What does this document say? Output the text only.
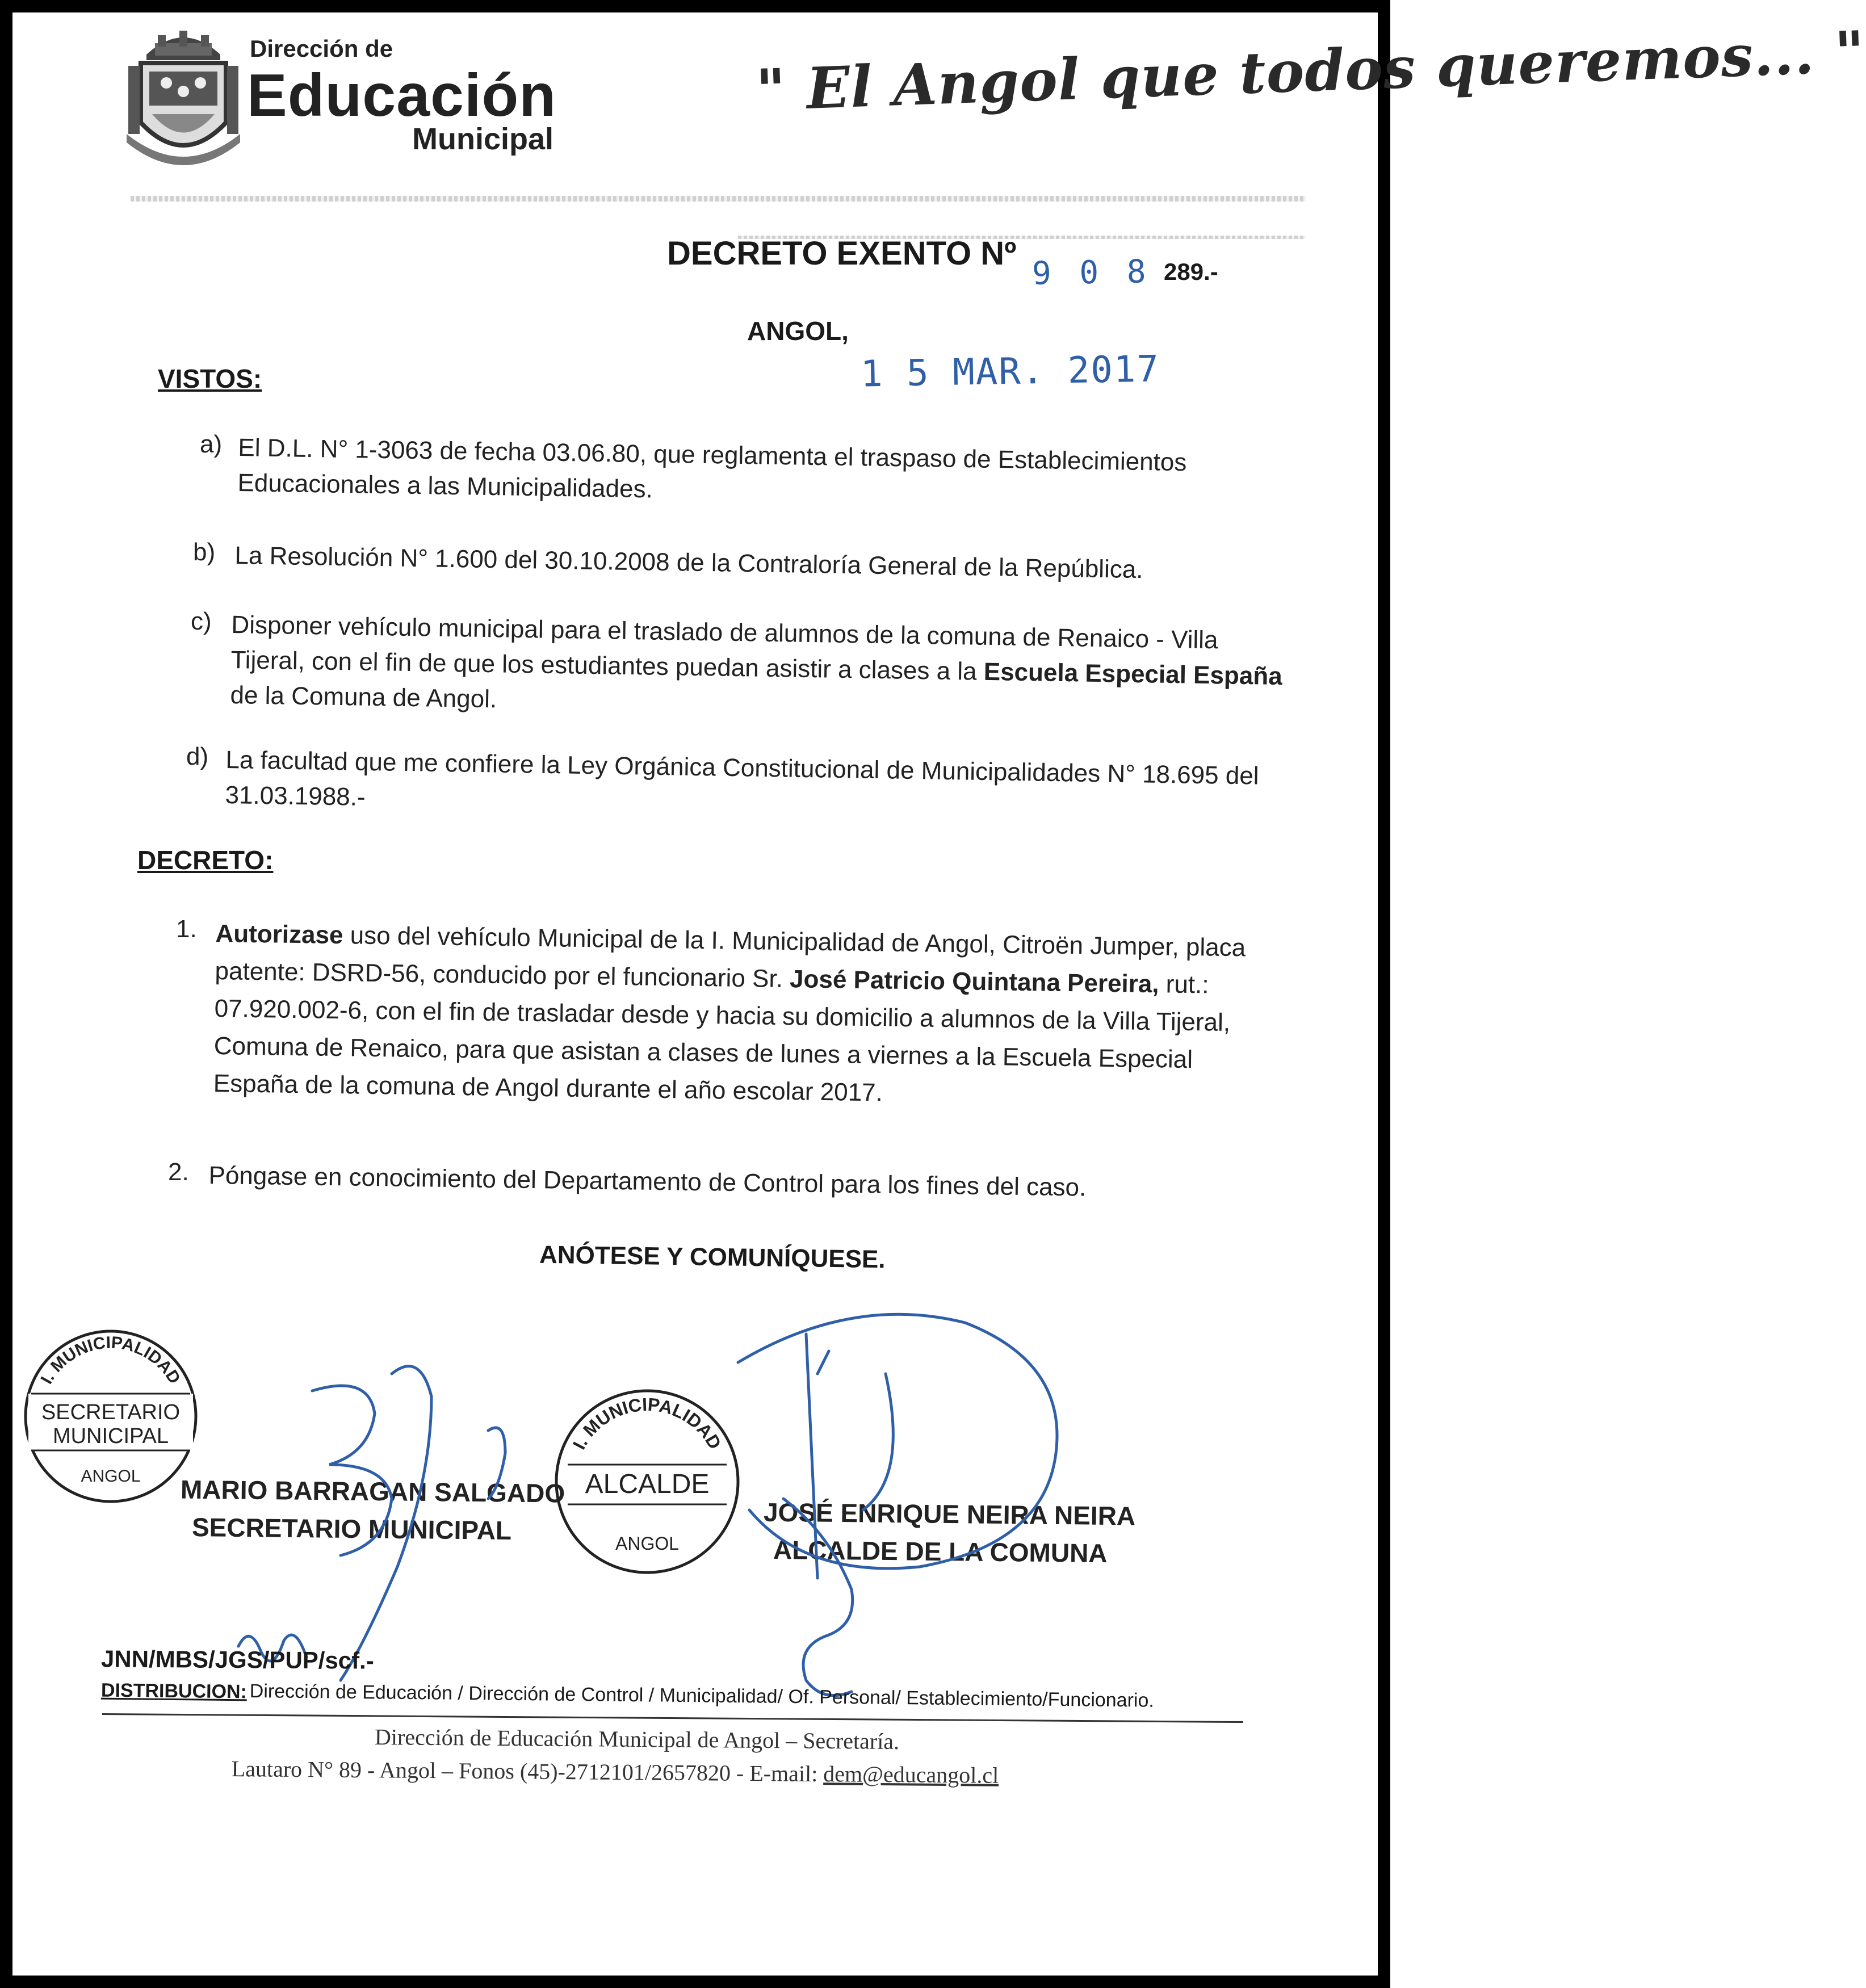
Dirección de
Educación
Municipal
" El Angol que todos queremos... "
DECRETO EXENTO Nº 9 0 8 289.-
ANGOL,
1 5 MAR. 2017
VISTOS:
a) El D.L. N° 1-3063 de fecha 03.06.80, que reglamenta el traspaso de Establecimientos Educacionales a las Municipalidades.
b) La Resolución N° 1.600 del 30.10.2008 de la Contraloría General de la República.
c) Disponer vehículo municipal para el traslado de alumnos de la comuna de Renaico - Villa Tijeral, con el fin de que los estudiantes puedan asistir a clases a la Escuela Especial España de la Comuna de Angol.
d) La facultad que me confiere la Ley Orgánica Constitucional de Municipalidades N° 18.695 del 31.03.1988.-
DECRETO:
1. Autorizase uso del vehículo Municipal de la I. Municipalidad de Angol, Citroën Jumper, placa patente: DSRD-56, conducido por el funcionario Sr. José Patricio Quintana Pereira, rut.: 07.920.002-6, con el fin de trasladar desde y hacia su domicilio a alumnos de la Villa Tijeral, Comuna de Renaico, para que asistan a clases de lunes a viernes a la Escuela Especial España de la comuna de Angol durante el año escolar 2017.
2. Póngase en conocimiento del Departamento de Control para los fines del caso.
ANÓTESE Y COMUNÍQUESE.
I. MUNICIPALIDAD
SECRETARIO
MUNICIPAL
ANGOL
I. MUNICIPALIDAD
ALCALDE
ANGOL
MARIO BARRAGAN SALGADO
SECRETARIO MUNICIPAL	JOSÉ ENRIQUE NEIRA NEIRA
ALCALDE DE LA COMUNA
JNN/MBS/JGS/PUP/scf.-
DISTRIBUCION: Dirección de Educación / Dirección de Control / Municipalidad/ Of. Personal/ Establecimiento/Funcionario.
Dirección de Educación Municipal de Angol – Secretaría.
Lautaro N° 89 - Angol – Fonos (45)-2712101/2657820 - E-mail: dem@educangol.cl
